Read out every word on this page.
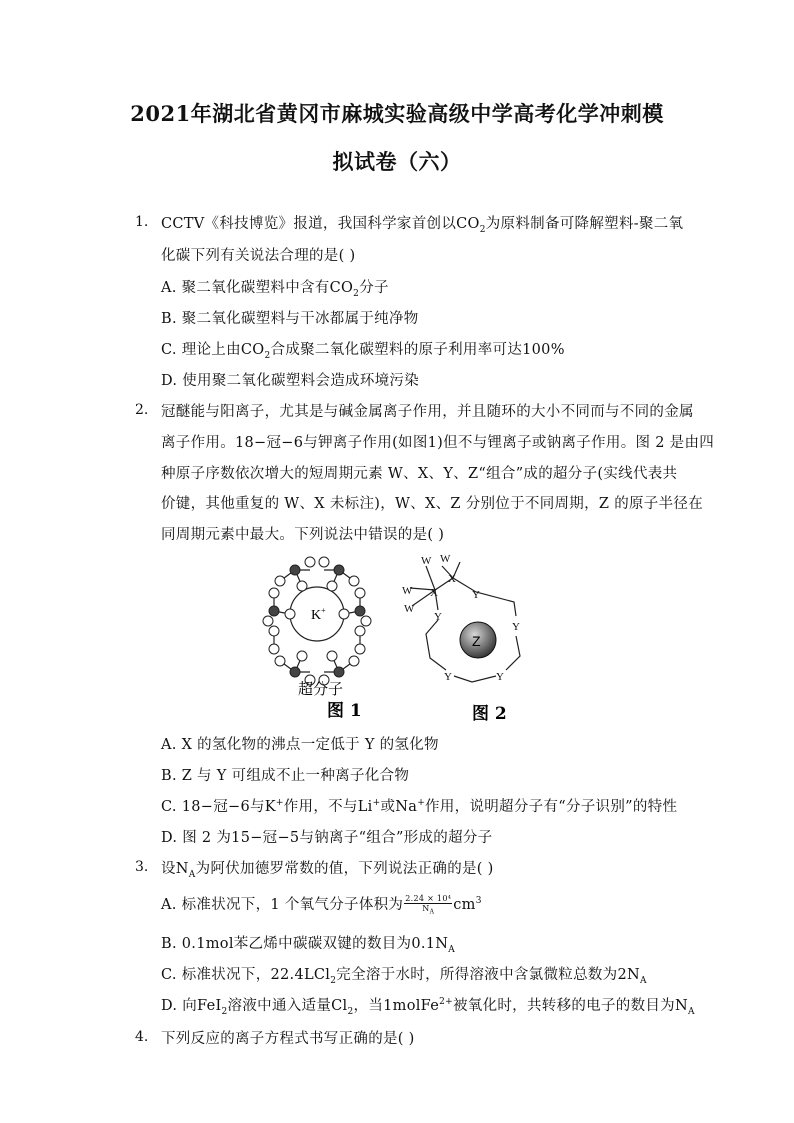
2021年湖北省黄冈市麻城实验高级中学高考化学冲刺模
拟试卷（六）
1. CCTV《科技博览》报道，我国科学家首创以$CO_2$为原料制备可降解塑料-聚二氧
化碳下列有关说法合理的是( )
A. 聚二氧化碳塑料中含有$CO_2$分子
B. 聚二氧化碳塑料与干冰都属于纯净物
C. 理论上由$CO_2$合成聚二氧化碳塑料的原子利用率可达100%
D. 使用聚二氧化碳塑料会造成环境污染
2. 冠醚能与阳离子，尤其是与碱金属离子作用，并且随环的大小不同而与不同的金属
离子作用。18−冠−6与钾离子作用(如图1)但不与锂离子或钠离子作用。图 2 是由四
种原子序数依次增大的短周期元素 W、X、Y、Z“组合”成的超分子(实线代表共
价键，其他重复的 W、X 未标注)，W、X、Z 分别位于不同周期，Z 的原子半径在
同周期元素中最大。下列说法中错误的是( )
K+
超分子
图 1
Z
W W
W
W
X
X	Y
Y
Y
Y	Y
图 2
A. X 的氢化物的沸点一定低于 Y 的氢化物
B. Z 与 Y 可组成不止一种离子化合物
C. 18−冠−6与K+作用，不与Li+或Na+作用，说明超分子有“分子识别”的特性
D. 图 2 为15−冠−5与钠离子“组合”形成的超分子
3. 设$N_A$为阿伏加德罗常数的值，下列说法正确的是( )
A. 标准状况下，1 个氧气分子体积为 $\frac{\text{2.24 × 10⁴}}{N_A} cm^3$
B. 0.1mol苯乙烯中碳碳双键的数目为$0.1N_A$
C. 标准状况下，22.4LCl$_2$完全溶于水时，所得溶液中含氯微粒总数为$2N_A$
D. 向FeI$_2$溶液中通入适量$Cl_2$，当1molFe$^{2+}$被氧化时，共转移的电子的数目为$N_A$
4. 下列反应的离子方程式书写正确的是( )
